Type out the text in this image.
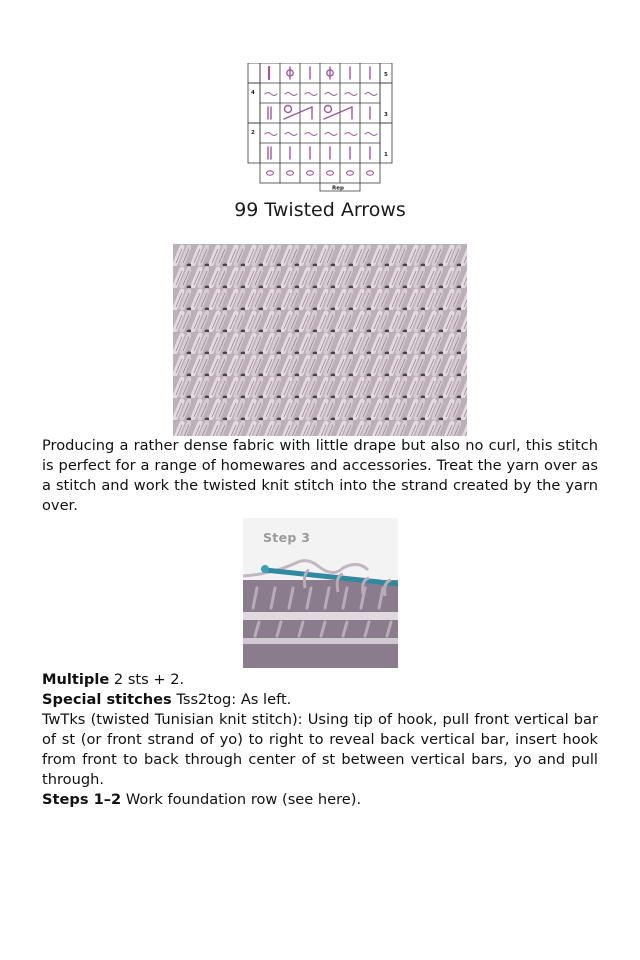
5
4
3
2
1
Rep
99 Twisted Arrows
Producing a rather dense fabric with little drape but also no curl, this stitch is perfect for a range of homewares and accessories. Treat the yarn over as a stitch and work the twisted knit stitch into the strand created by the yarn over.
Step 3

Multiple 2 sts + 2.

Special stitches Tss2tog: As left.

TwTks (twisted Tunisian knit stitch): Using tip of hook, pull front vertical bar of st (or front strand of yo) to right to reveal back vertical bar, insert hook from front to back through center of st between vertical bars, yo and pull through.

Steps 1–2 Work foundation row (see here).
